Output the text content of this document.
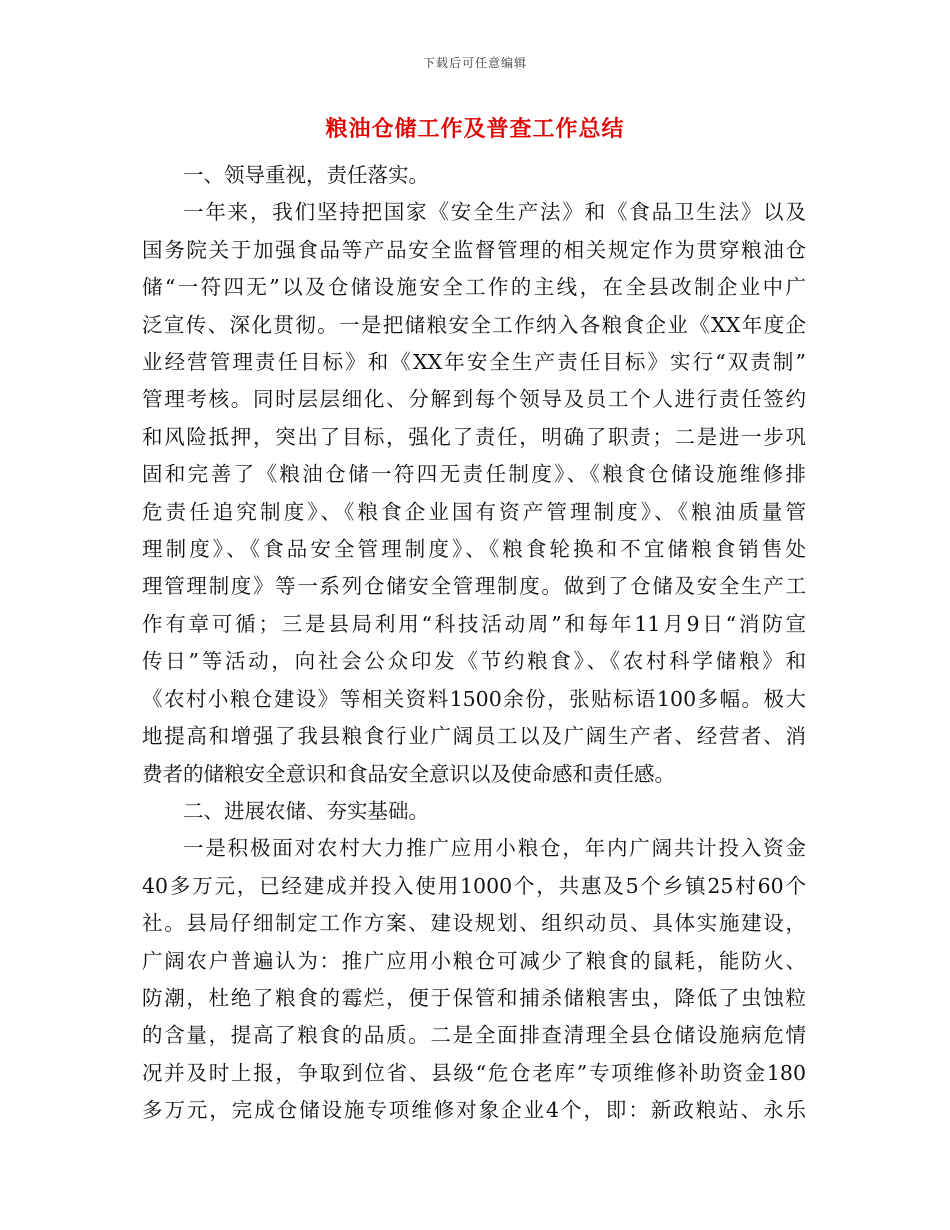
下载后可任意编辑
粮油仓储工作及普查工作总结
一、领导重视，责任落实。
一年来，我们坚持把国家《安全生产法》和《食品卫生法》以及
国务院关于加强食品等产品安全监督管理的相关规定作为贯穿粮油仓
储“一符四无”以及仓储设施安全工作的主线，在全县改制企业中广
泛宣传、深化贯彻。一是把储粮安全工作纳入各粮食企业《XX年度企
业经营管理责任目标》和《XX年安全生产责任目标》实行“双责制”
管理考核。同时层层细化、分解到每个领导及员工个人进行责任签约
和风险抵押，突出了目标，强化了责任，明确了职责；二是进一步巩
固和完善了《粮油仓储一符四无责任制度》、《粮食仓储设施维修排
危责任追究制度》、《粮食企业国有资产管理制度》、《粮油质量管
理制度》、《食品安全管理制度》、《粮食轮换和不宜储粮食销售处
理管理制度》等一系列仓储安全管理制度。做到了仓储及安全生产工
作有章可循；三是县局利用“科技活动周”和每年11月9日“消防宣
传日”等活动，向社会公众印发《节约粮食》、《农村科学储粮》和
《农村小粮仓建设》等相关资料1500余份，张贴标语100多幅。极大
地提高和增强了我县粮食行业广阔员工以及广阔生产者、经营者、消
费者的储粮安全意识和食品安全意识以及使命感和责任感。
二、进展农储、夯实基础。
一是积极面对农村大力推广应用小粮仓，年内广阔共计投入资金
40多万元，已经建成并投入使用1000个，共惠及5个乡镇25村60个
社。县局仔细制定工作方案、建设规划、组织动员、具体实施建设，
广阔农户普遍认为：推广应用小粮仓可减少了粮食的鼠耗，能防火、
防潮，杜绝了粮食的霉烂，便于保管和捕杀储粮害虫，降低了虫蚀粒
的含量，提高了粮食的品质。二是全面排查清理全县仓储设施病危情
况并及时上报，争取到位省、县级“危仓老库”专项维修补助资金180
多万元，完成仓储设施专项维修对象企业4个，即：新政粮站、永乐
